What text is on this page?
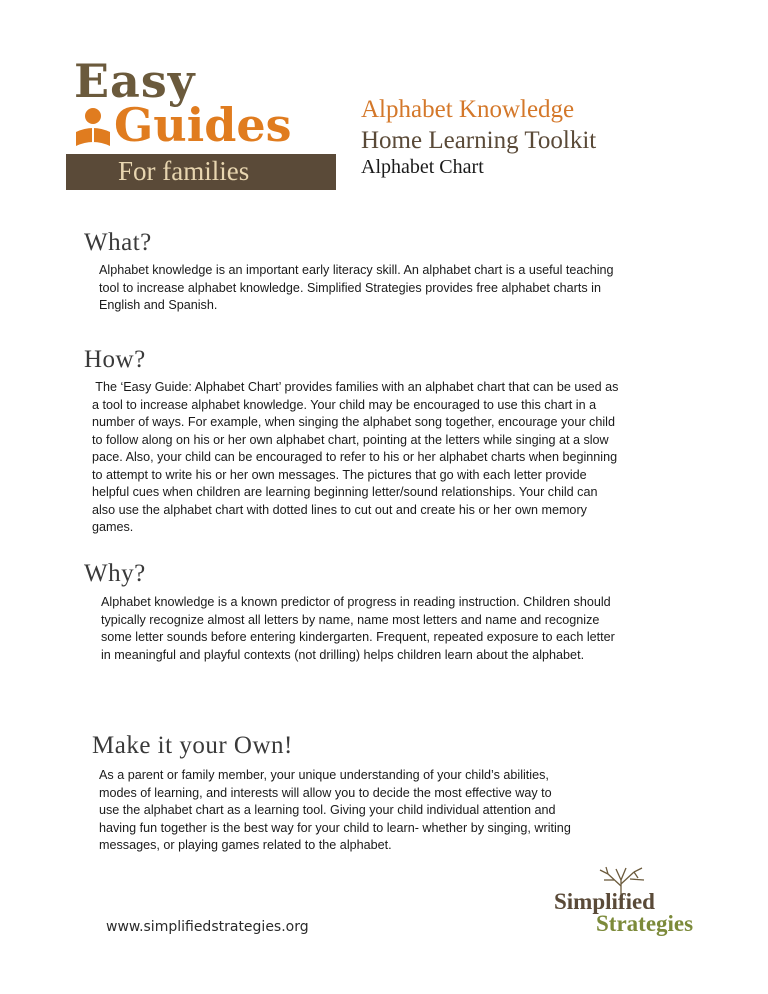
Easy
Guides
For families
Alphabet Knowledge
Home Learning Toolkit
Alphabet Chart
What?

Alphabet knowledge is an important early literacy skill. An alphabet chart is a useful teaching

tool to increase alphabet knowledge. Simplified Strategies provides free alphabet charts in

English and Spanish.

How?

The ‘Easy Guide: Alphabet Chart’ provides families with an alphabet chart that can be used as

a tool to increase alphabet knowledge. Your child may be encouraged to use this chart in a

number of ways. For example, when singing the alphabet song together, encourage your child

to follow along on his or her own alphabet chart, pointing at the letters while singing at a slow

pace. Also, your child can be encouraged to refer to his or her alphabet charts when beginning

to attempt to write his or her own messages. The pictures that go with each letter provide

helpful cues when children are learning beginning letter/sound relationships. Your child can

also use the alphabet chart with dotted lines to cut out and create his or her own memory

games.

Why?

Alphabet knowledge is a known predictor of progress in reading instruction. Children should

typically recognize almost all letters by name, name most letters and name and recognize

some letter sounds before entering kindergarten. Frequent, repeated exposure to each letter

in meaningful and playful contexts (not drilling) helps children learn about the alphabet.

Make it your Own!

As a parent or family member, your unique understanding of your child’s abilities,

modes of learning, and interests will allow you to decide the most effective way to

use the alphabet chart as a learning tool. Giving your child individual attention and

having fun together is the best way for your child to learn- whether by singing, writing

messages, or playing games related to the alphabet.

Simplified
Strategies
www.simplifiedstrategies.org
